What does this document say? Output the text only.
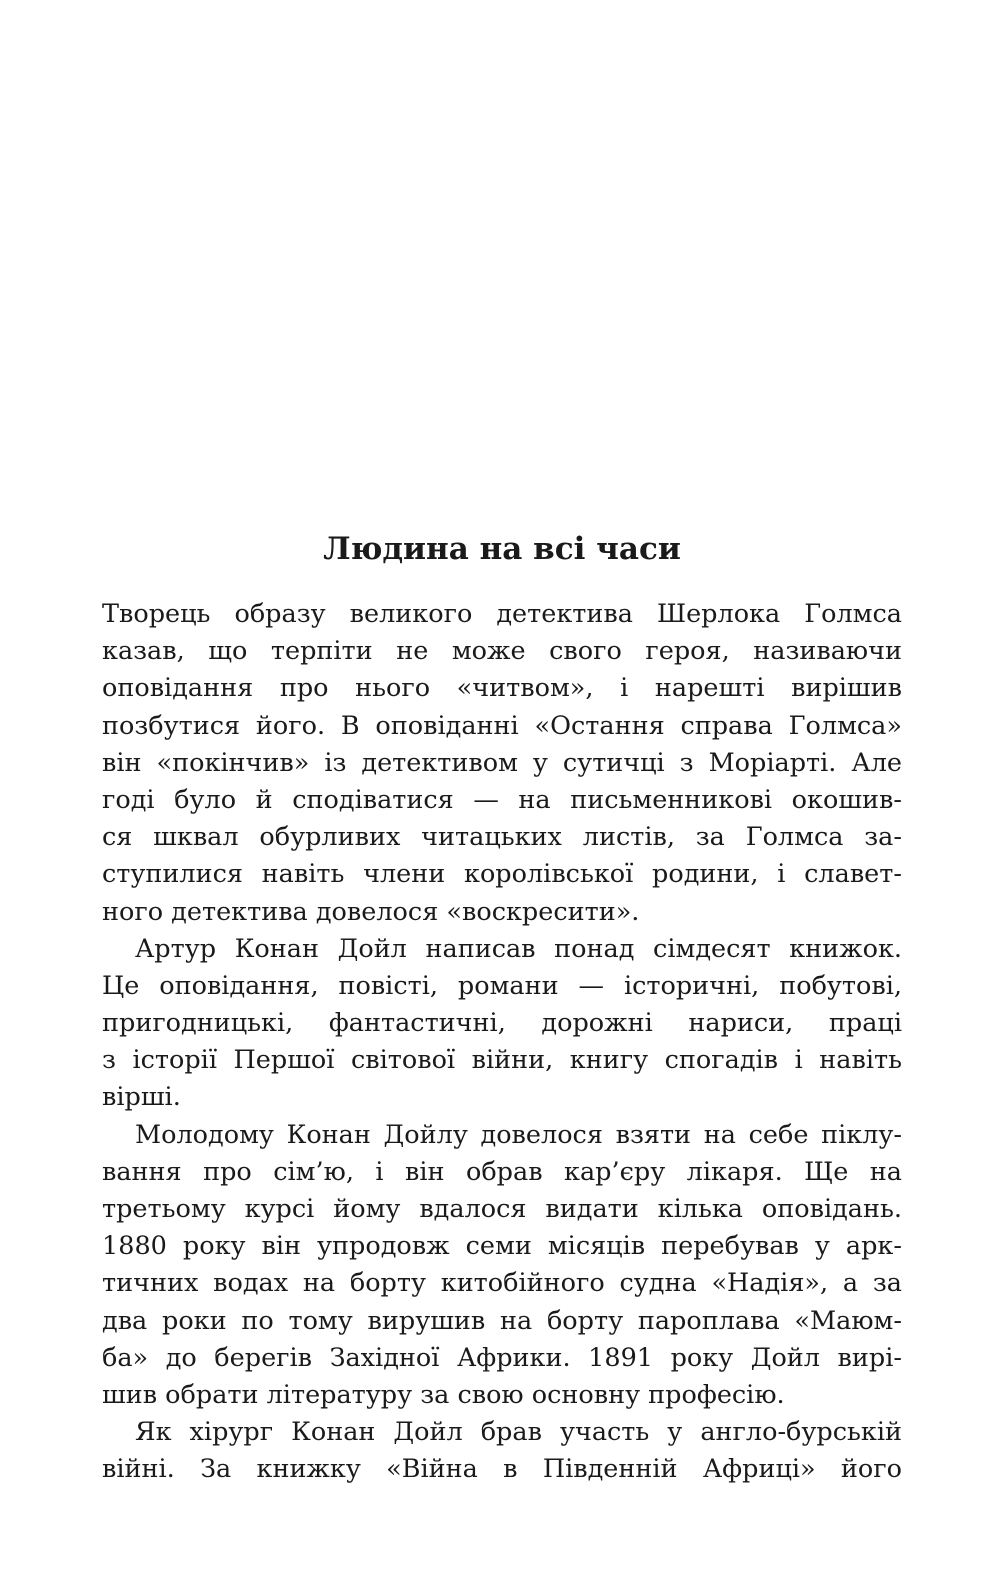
Людина на всі часи
Творець образу великого детектива Шерлока Голмса
казав, що терпіти не може свого героя, називаючи
оповідання про нього «читвом», і нарешті вирішив
позбутися його. В оповіданні «Остання справа Голмса»
він «покінчив» із детективом у сутичці з Моріарті. Але
годі було й сподіватися — на письменникові окошив-
ся шквал обурливих читацьких листів, за Голмса за-
ступилися навіть члени королівської родини, і славет-
ного детектива довелося «воскресити».
Артур Конан Дойл написав понад сімдесят книжок.
Це оповідання, повісті, романи — історичні, побутові,
пригодницькі, фантастичні, дорожні нариси, праці
з історії Першої світової війни, книгу спогадів і навіть
вірші.
Молодому Конан Дойлу довелося взяти на себе піклу-
вання про сім’ю, і він обрав кар’єру лікаря. Ще на
третьому курсі йому вдалося видати кілька оповідань.
1880 року він упродовж семи місяців перебував у арк-
тичних водах на борту китобійного судна «Надія», а за
два роки по тому вирушив на борту пароплава «Маюм-
ба» до берегів Західної Африки. 1891 року Дойл вирі-
шив обрати літературу за свою основну професію.
Як хірург Конан Дойл брав участь у англо-бурській
війні. За книжку «Війна в Південній Африці» його
